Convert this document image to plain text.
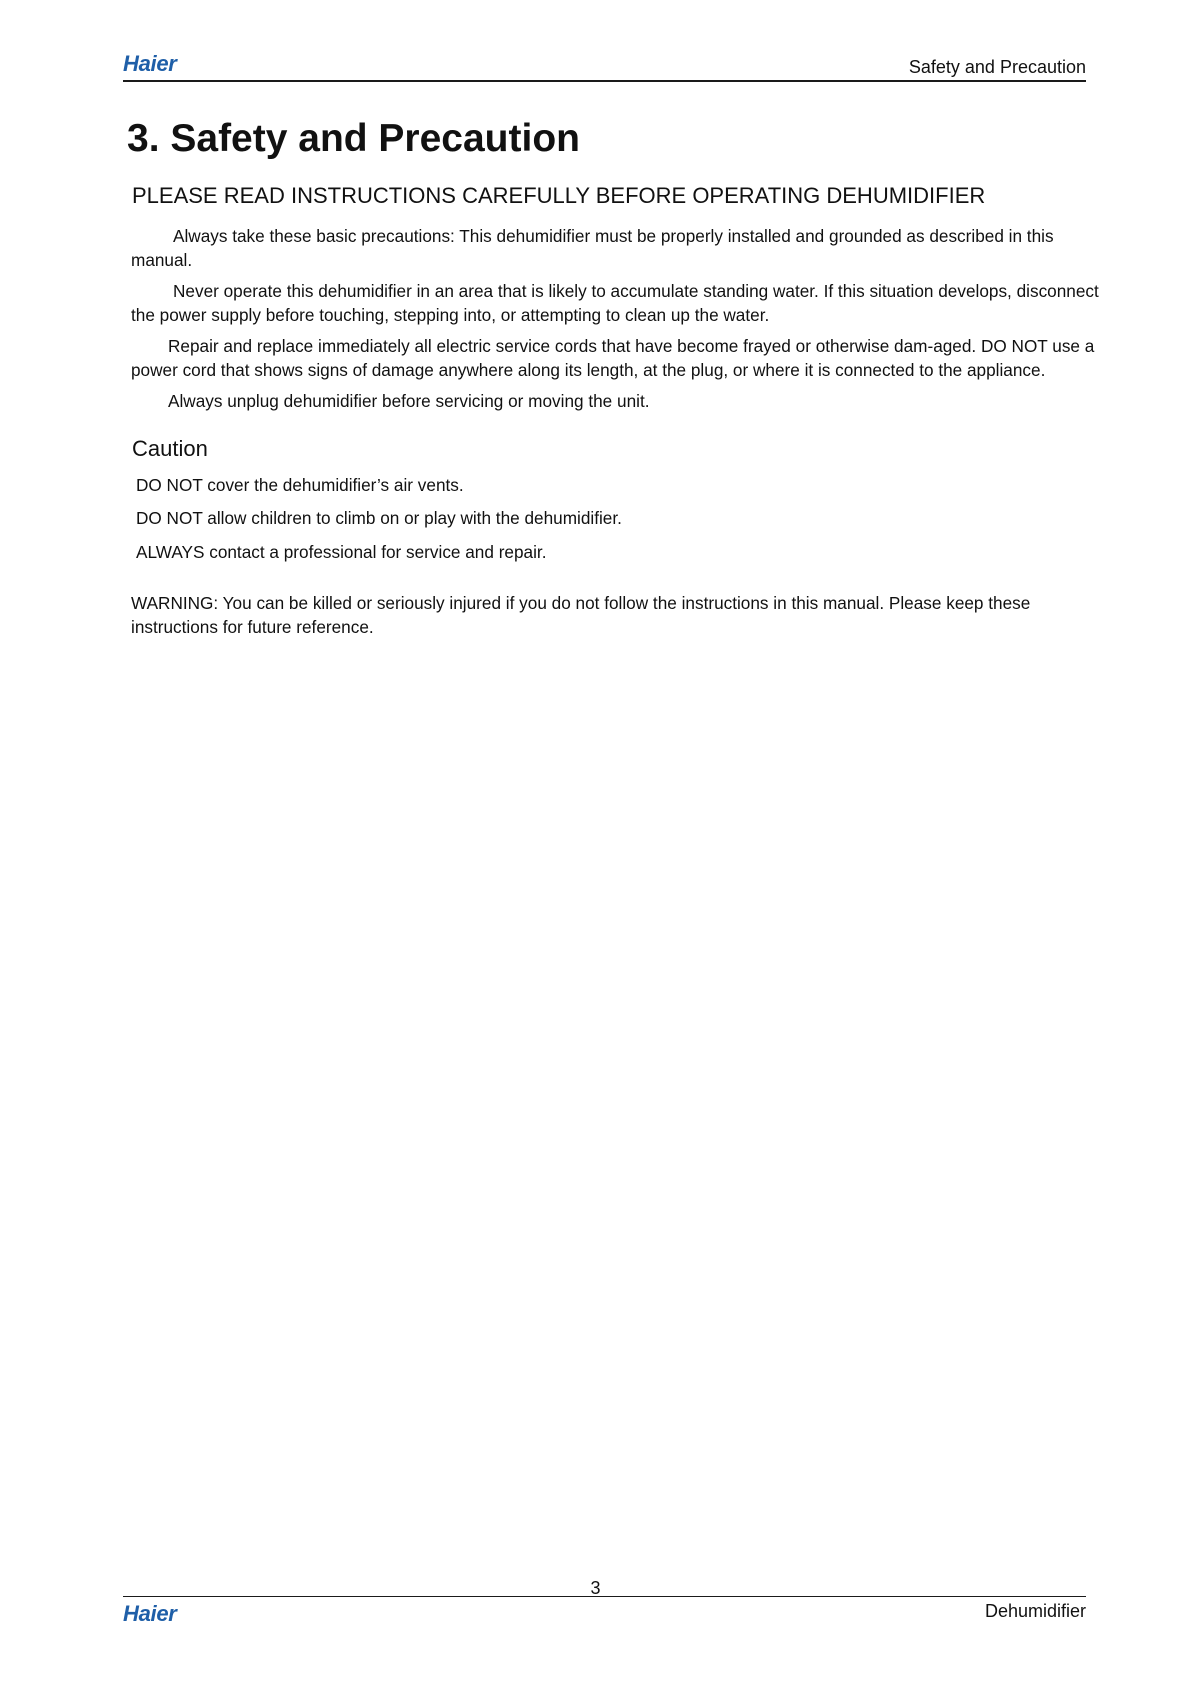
Haier	Safety and Precaution
3. Safety and Precaution
PLEASE READ INSTRUCTIONS CAREFULLY BEFORE OPERATING DEHUMIDIFIER

Always take these basic precautions: This dehumidifier must be properly installed and grounded as described in this manual.

Never operate this dehumidifier in an area that is likely to accumulate standing water. If this situation develops, disconnect the power supply before touching, stepping into, or attempting to clean up the water.

Repair and replace immediately all electric service cords that have become frayed or otherwise dam-aged. DO NOT use a power cord that shows signs of damage anywhere along its length, at the plug, or where it is connected to the appliance.

Always unplug dehumidifier before servicing or moving the unit.

Caution
DO NOT cover the dehumidifier’s air vents.
DO NOT allow children to climb on or play with the dehumidifier.
ALWAYS contact a professional for service and repair.

WARNING: You can be killed or seriously injured if you do not follow the instructions in this manual. Please keep these instructions for future reference.

3
Haier	Dehumidifier
